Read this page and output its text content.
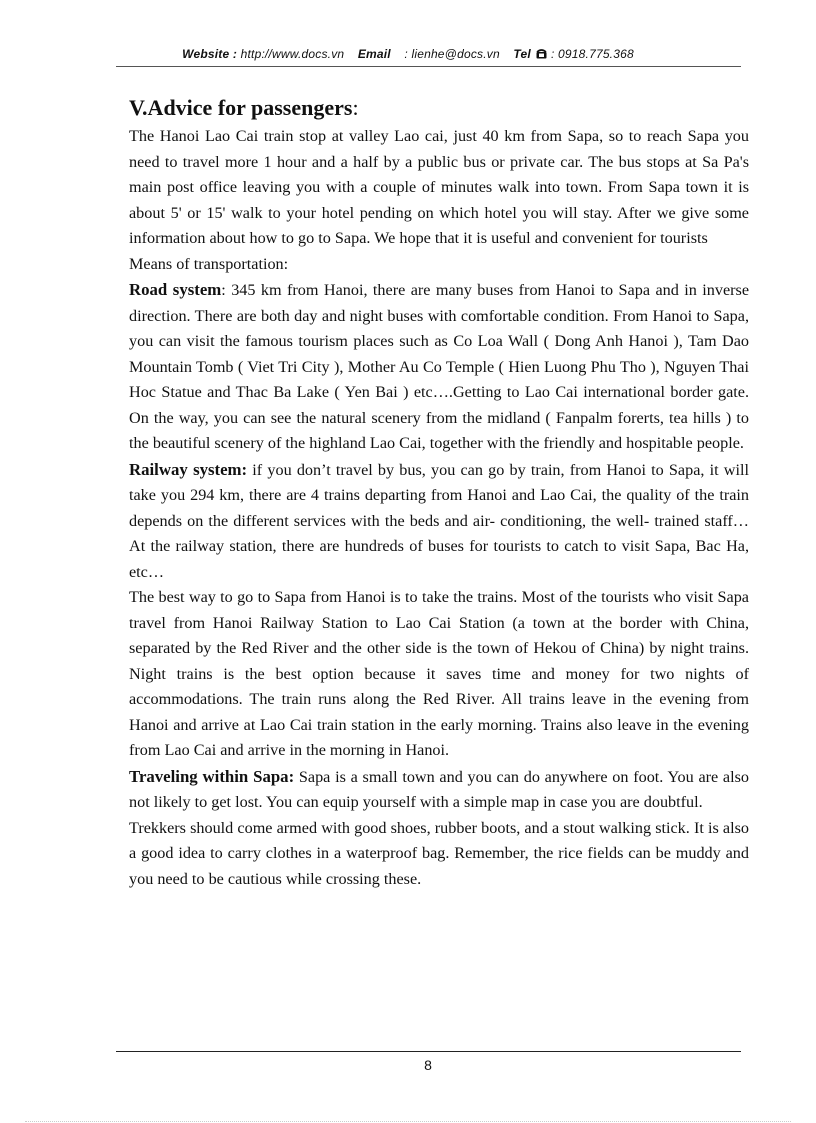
Website : http://www.docs.vn Email : lienhe@docs.vn Tel : 0918.775.368
V.Advice for passengers:

The Hanoi Lao Cai train stop at valley Lao cai, just 40 km from Sapa, so to reach Sapa you need to travel more 1 hour and a half by a public bus or private car. The bus stops at Sa Pa's main post office leaving you with a couple of minutes walk into town. From Sapa town it is about 5' or 15' walk to your hotel pending on which hotel you will stay. After we give some information about how to go to Sapa. We hope that it is useful and convenient for tourists

Means of transportation:

Road system: 345 km from Hanoi, there are many buses from Hanoi to Sapa and in inverse direction. There are both day and night buses with comfortable condition. From Hanoi to Sapa, you can visit the famous tourism places such as Co Loa Wall ( Dong Anh Hanoi ), Tam Dao Mountain Tomb ( Viet Tri City ), Mother Au Co Temple ( Hien Luong Phu Tho ), Nguyen Thai Hoc Statue and Thac Ba Lake ( Yen Bai ) etc….Getting to Lao Cai international border gate. On the way, you can see the natural scenery from the midland ( Fanpalm forerts, tea hills ) to the beautiful scenery of the highland Lao Cai, together with the friendly and hospitable people.

Railway system: if you don’t travel by bus, you can go by train, from Hanoi to Sapa, it will take you 294 km, there are 4 trains departing from Hanoi and Lao Cai, the quality of the train depends on the different services with the beds and air- conditioning, the well- trained staff…At the railway station, there are hundreds of buses for tourists to catch to visit Sapa, Bac Ha, etc…

The best way to go to Sapa from Hanoi is to take the trains. Most of the tourists who visit Sapa travel from Hanoi Railway Station to Lao Cai Station (a town at the border with China, separated by the Red River and the other side is the town of Hekou of China) by night trains. Night trains is the best option because it saves time and money for two nights of accommodations. The train runs along the Red River. All trains leave in the evening from Hanoi and arrive at Lao Cai train station in the early morning. Trains also leave in the evening from Lao Cai and arrive in the morning in Hanoi.

Traveling within Sapa: Sapa is a small town and you can do anywhere on foot. You are also not likely to get lost. You can equip yourself with a simple map in case you are doubtful.

Trekkers should come armed with good shoes, rubber boots, and a stout walking stick. It is also a good idea to carry clothes in a waterproof bag. Remember, the rice fields can be muddy and you need to be cautious while crossing these.

8
